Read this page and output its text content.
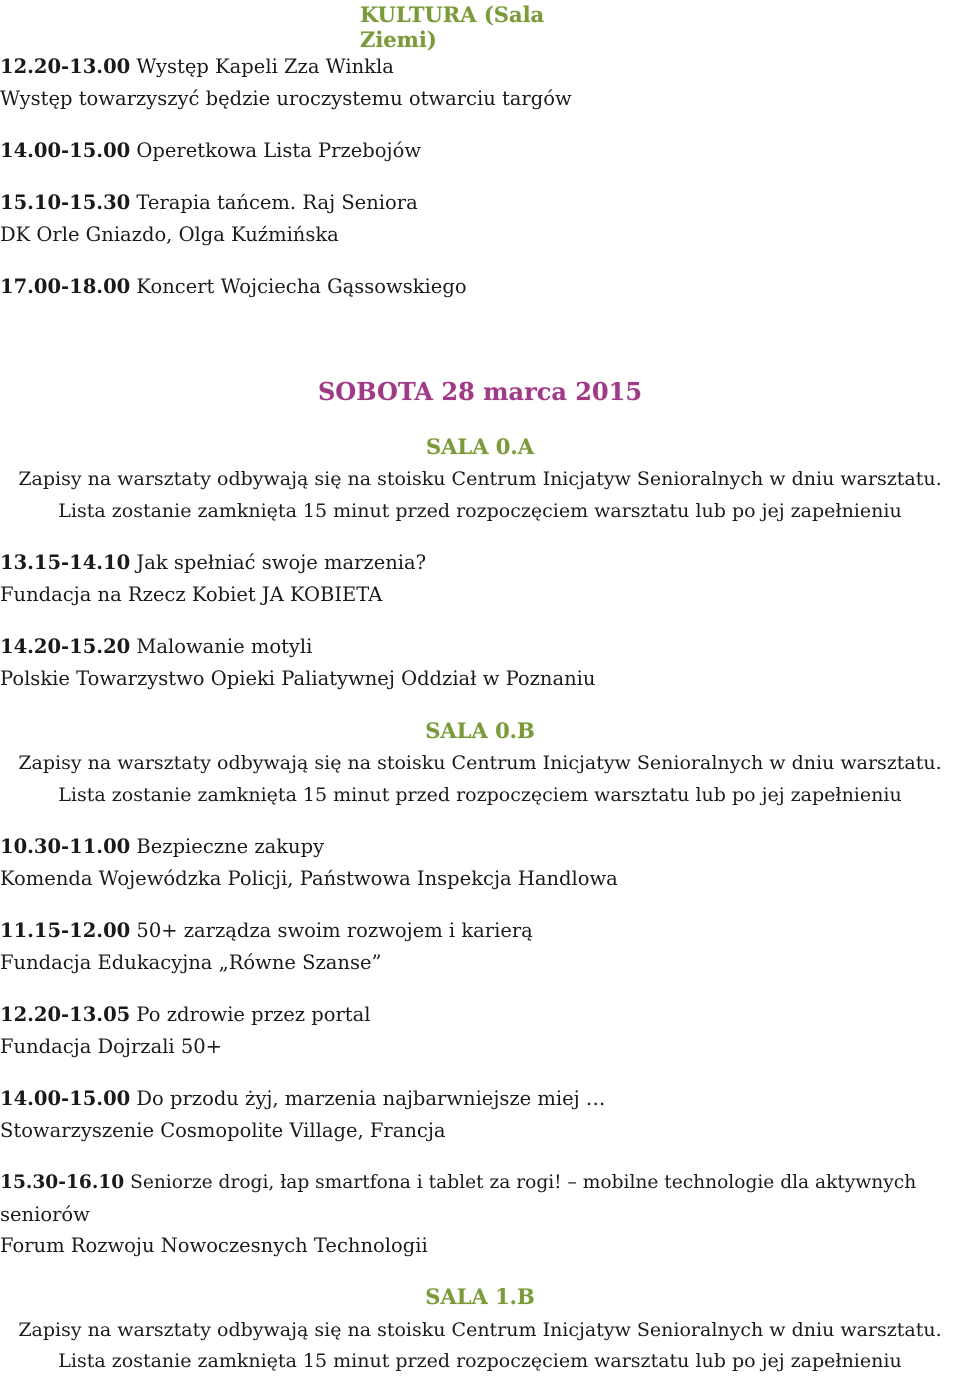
KULTURA (Sala Ziemi)
12.20-13.00 Występ Kapeli Zza Winkla
Występ towarzyszyć będzie uroczystemu otwarciu targów
14.00-15.00 Operetkowa Lista Przebojów
15.10-15.30 Terapia tańcem. Raj Seniora
DK Orle Gniazdo, Olga Kuźmińska
17.00-18.00 Koncert Wojciecha Gąssowskiego
SOBOTA 28 marca 2015
SALA 0.A
Zapisy na warsztaty odbywają się na stoisku Centrum Inicjatyw Senioralnych w dniu warsztatu.
Lista zostanie zamknięta 15 minut przed rozpoczęciem warsztatu lub po jej zapełnieniu
13.15-14.10 Jak spełniać swoje marzenia?
Fundacja na Rzecz Kobiet JA KOBIETA
14.20-15.20 Malowanie motyli
Polskie Towarzystwo Opieki Paliatywnej Oddział w Poznaniu
SALA 0.B
Zapisy na warsztaty odbywają się na stoisku Centrum Inicjatyw Senioralnych w dniu warsztatu.
Lista zostanie zamknięta 15 minut przed rozpoczęciem warsztatu lub po jej zapełnieniu
10.30-11.00 Bezpieczne zakupy
Komenda Wojewódzka Policji, Państwowa Inspekcja Handlowa
11.15-12.00 50+ zarządza swoim rozwojem i karierą
Fundacja Edukacyjna „Równe Szanse”
12.20-13.05 Po zdrowie przez portal
Fundacja Dojrzali 50+
14.00-15.00 Do przodu żyj, marzenia najbarwniejsze miej …
Stowarzyszenie Cosmopolite Village, Francja
15.30-16.10 Seniorze drogi, łap smartfona i tablet za rogi! – mobilne technologie dla aktywnych
seniorów
Forum Rozwoju Nowoczesnych Technologii
SALA 1.B
Zapisy na warsztaty odbywają się na stoisku Centrum Inicjatyw Senioralnych w dniu warsztatu.
Lista zostanie zamknięta 15 minut przed rozpoczęciem warsztatu lub po jej zapełnieniu
